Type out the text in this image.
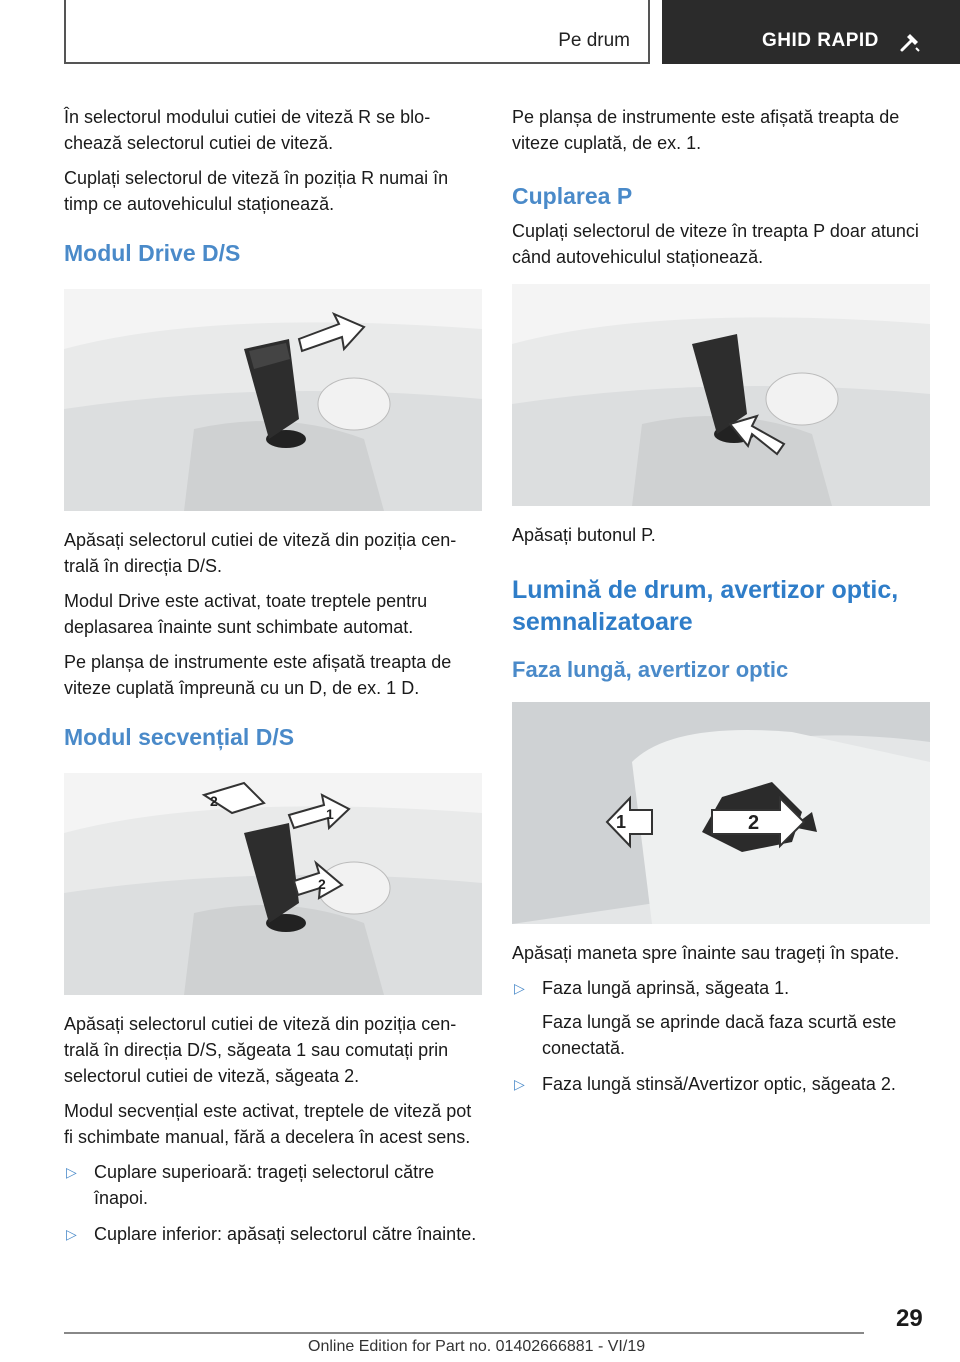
Pe drum	GHID RAPID

În selectorul modului cutiei de viteză R se blochează selectorul cutiei de viteză.

Cuplați selectorul de viteză în poziția R numai în timp ce autovehiculul staționează.

Modul Drive D/S

Apăsați selectorul cutiei de viteză din poziția centrală în direcția D/S.

Modul Drive este activat, toate treptele pentru deplasarea înainte sunt schimbate automat.

Pe planșa de instrumente este afișată treapta de viteze cuplată împreună cu un D, de ex. 1 D.

Modul secvențial D/S
2
1
2

Apăsați selectorul cutiei de viteză din poziția centrală în direcția D/S, săgeata 1 sau comutați prin selectorul cutiei de viteză, săgeata 2.

Modul secvențial este activat, treptele de viteză pot fi schimbate manual, fără a decelera în acest sens.

▷ Cuplare superioară: trageți selectorul către înapoi.
▷ Cuplare inferior: apăsați selectorul către înainte.

Pe planșa de instrumente este afișată treapta de viteze cuplată, de ex. 1.

Cuplarea P

Cuplați selectorul de viteze în treapta P doar atunci când autovehiculul staționează.

Apăsați butonul P.

Lumină de drum, avertizor optic, semnalizatoare
Faza lungă, avertizor optic
1	2

Apăsați maneta spre înainte sau trageți în spate.

▷ Faza lungă aprinsă, săgeata 1.
Faza lungă se aprinde dacă faza scurtă este conectată.
▷ Faza lungă stinsă/Avertizor optic, săgeata 2.
29
Online Edition for Part no. 01402666881 - VI/19
